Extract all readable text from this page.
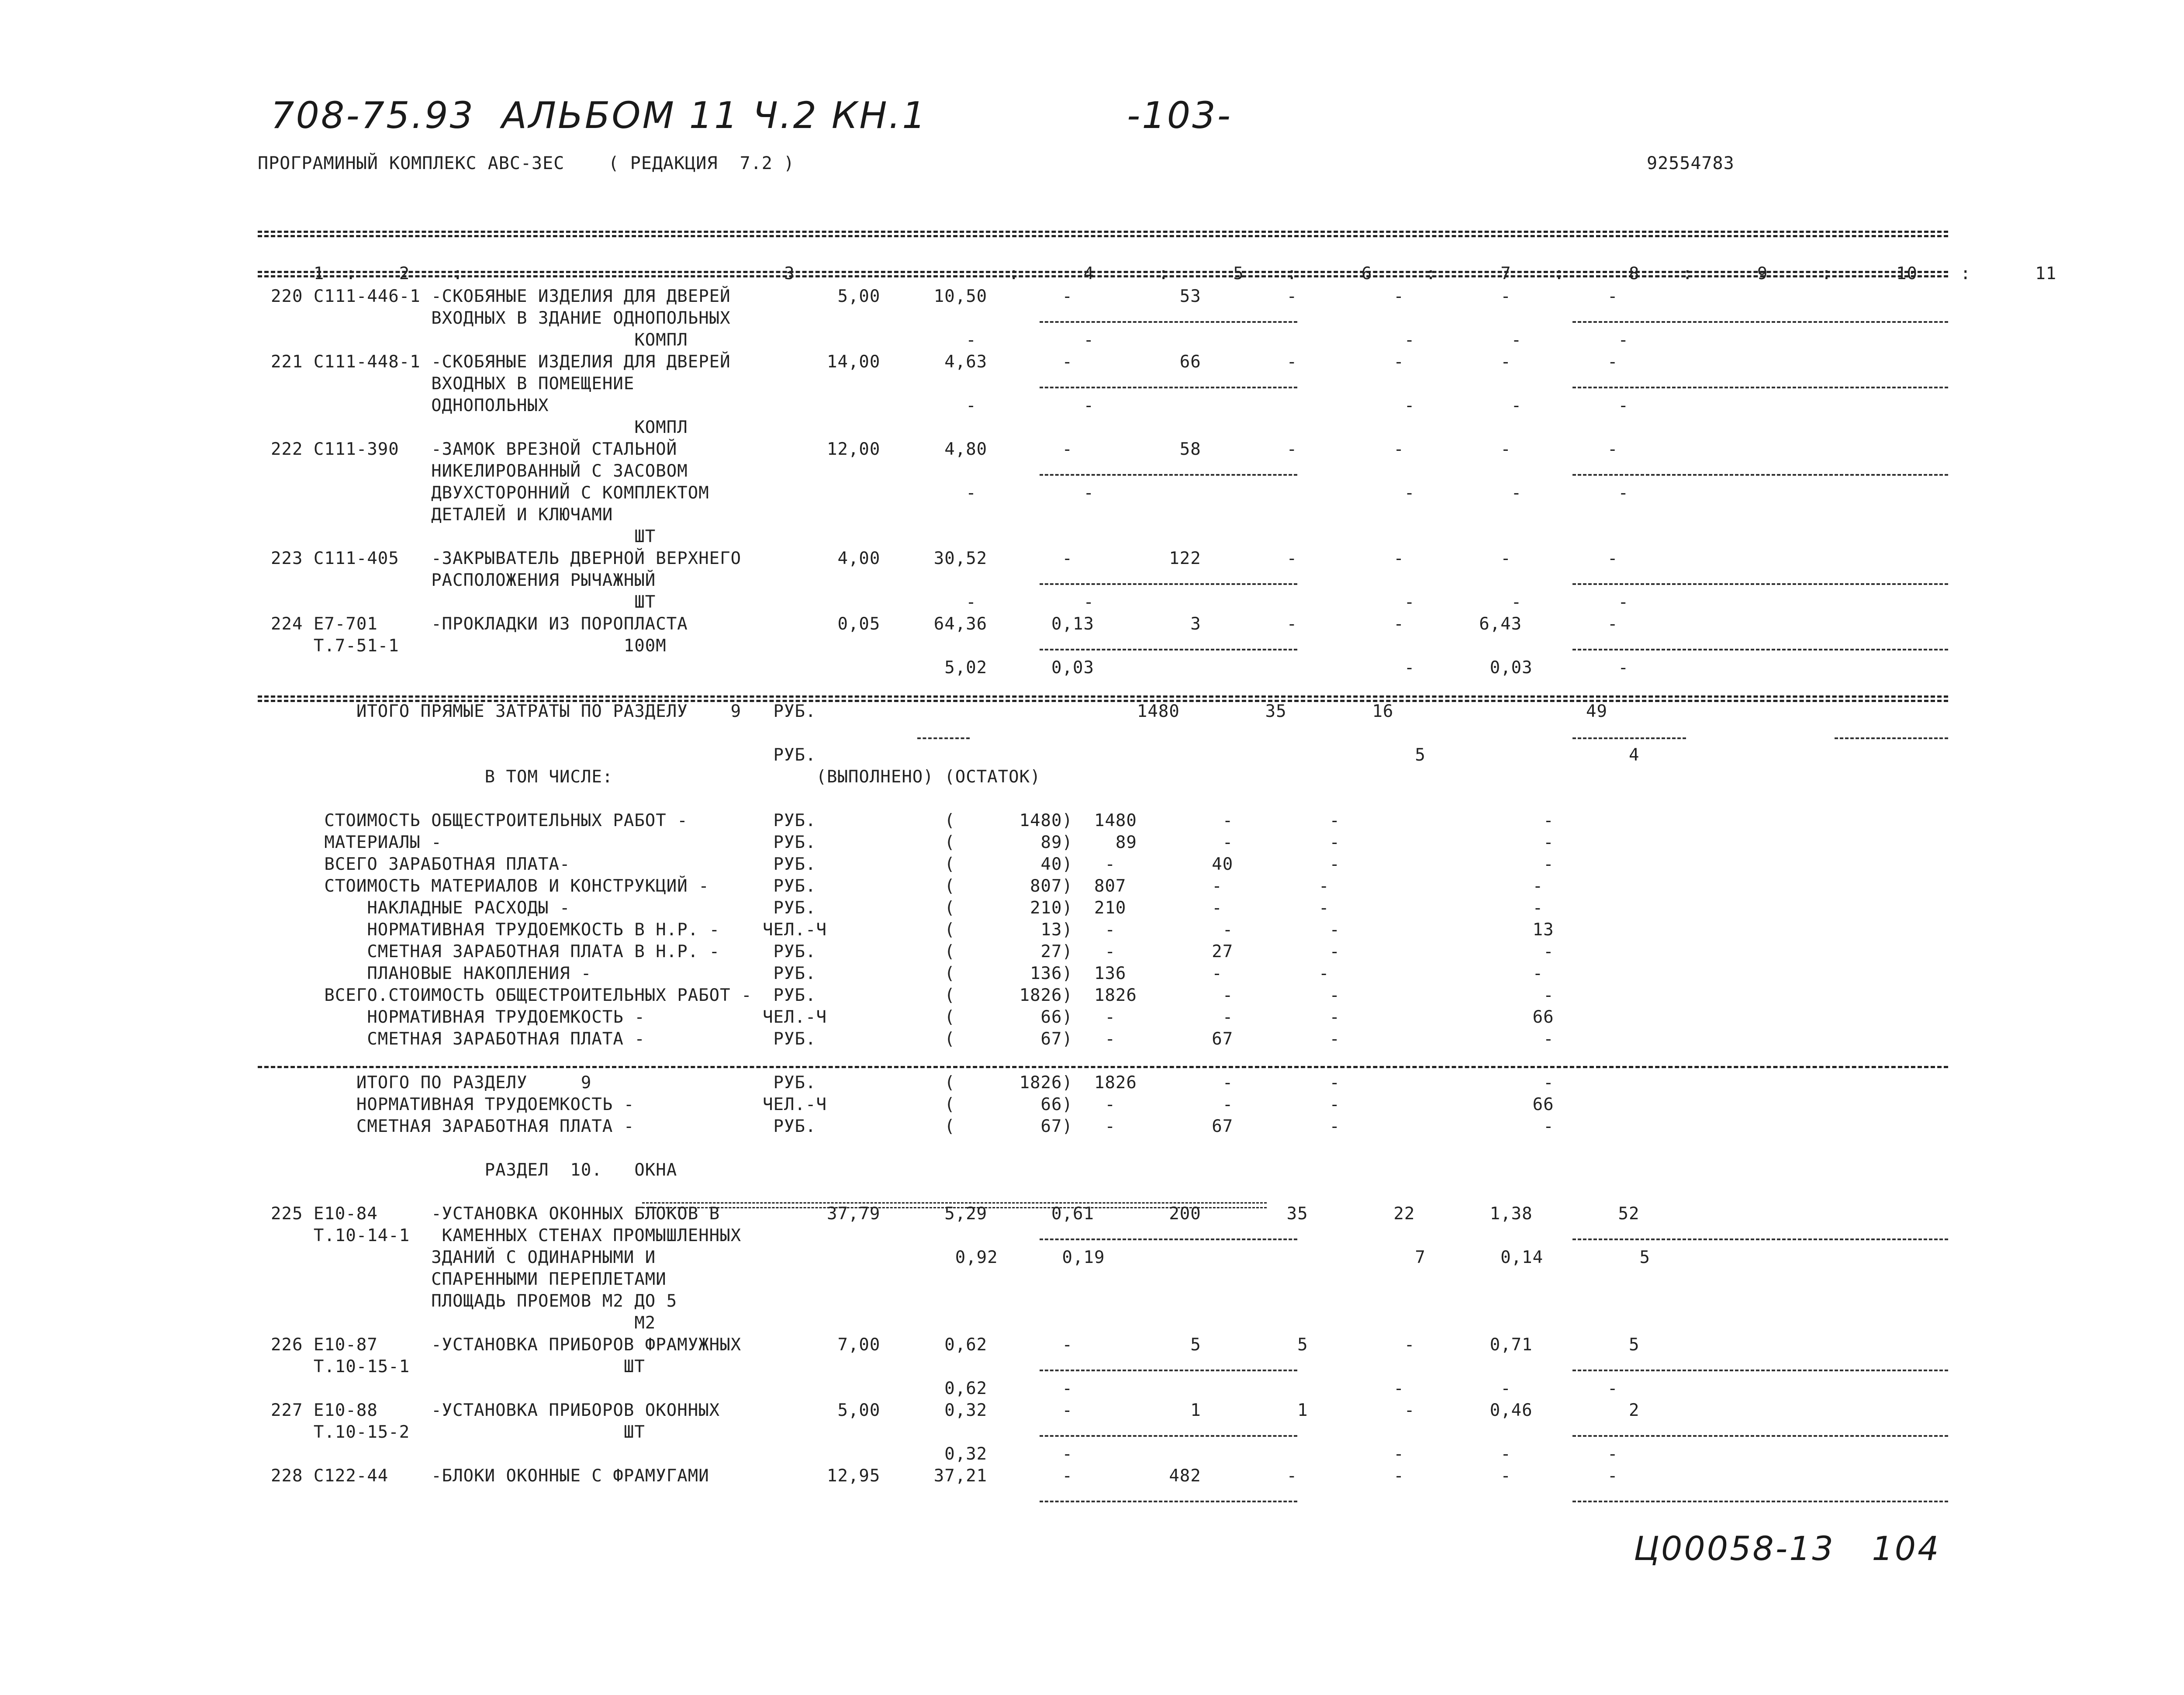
708-75.93  АЛЬБОМ 11 Ч.2 КН.1	-103-
ПРОГРАМИНЫЙ КОМПЛЕКС АВС-3ЕС    ( РЕДАКЦИЯ  7.2 )	92554783

1  :    2    :                              3                    :      4      :      5    :      6     :      7    :      8    :      9     :      10    :      11

220 С111-446-1 -СКОБЯНЫЕ ИЗДЕЛИЯ ДЛЯ ДВЕРЕЙ          5,00     10,50       -          53        -         -         -         -
ВХОДНЫХ В ЗДАНИЕ ОДНОПОЛЬНЫХ
КОМПЛ                          -          -                             -         -         -
221 С111-448-1 -СКОБЯНЫЕ ИЗДЕЛИЯ ДЛЯ ДВЕРЕЙ         14,00      4,63       -          66        -         -         -         -
ВХОДНЫХ В ПОМЕЩЕНИЕ
ОДНОПОЛЬНЫХ                                       -          -                             -         -         -
КОМПЛ
222 С111-390   -ЗАМОК ВРЕЗНОЙ СТАЛЬНОЙ              12,00      4,80       -          58        -         -         -         -
НИКЕЛИРОВАННЫЙ С ЗАСОВОМ
ДВУХСТОРОННИЙ С КОМПЛЕКТОМ                        -          -                             -         -         -
ДЕТАЛЕЙ И КЛЮЧАМИ
ШТ
223 С111-405   -ЗАКРЫВАТЕЛЬ ДВЕРНОЙ ВЕРХНЕГО         4,00     30,52       -         122        -         -         -         -
РАСПОЛОЖЕНИЯ РЫЧАЖНЫЙ
ШТ                             -          -                             -         -         -
224 Е7-701     -ПРОКЛАДКИ ИЗ ПОРОПЛАСТА              0,05     64,36      0,13         3        -         -       6,43        -
Т.7-51-1                     100М
5,02      0,03                             -       0,03        -
ИТОГО ПРЯМЫЕ ЗАТРАТЫ ПО РАЗДЕЛУ    9   РУБ.                              1480        35        16                  49
РУБ.                                                        5                   4
В ТОМ ЧИСЛЕ:                   (ВЫПОЛНЕНО) (ОСТАТОК)
СТОИМОСТЬ ОБЩЕСТРОИТЕЛЬНЫХ РАБОТ -        РУБ.            (      1480)  1480        -         -                   -
МАТЕРИАЛЫ -                               РУБ.            (        89)    89        -         -                   -
ВСЕГО ЗАРАБОТНАЯ ПЛАТА-                   РУБ.            (        40)   -         40         -                   -
СТОИМОСТЬ МАТЕРИАЛОВ И КОНСТРУКЦИЙ -      РУБ.            (       807)  807        -         -                   -
НАКЛАДНЫЕ РАСХОДЫ -                   РУБ.            (       210)  210        -         -                   -
НОРМАТИВНАЯ ТРУДОЕМКОСТЬ В Н.Р. -    ЧЕЛ.-Ч           (        13)   -          -         -                  13
СМЕТНАЯ ЗАРАБОТНАЯ ПЛАТА В Н.Р. -     РУБ.            (        27)   -         27         -                   -
ПЛАНОВЫЕ НАКОПЛЕНИЯ -                 РУБ.            (       136)  136        -         -                   -
ВСЕГО.СТОИМОСТЬ ОБЩЕСТРОИТЕЛЬНЫХ РАБОТ -  РУБ.            (      1826)  1826        -         -                   -
НОРМАТИВНАЯ ТРУДОЕМКОСТЬ -           ЧЕЛ.-Ч           (        66)   -          -         -                  66
СМЕТНАЯ ЗАРАБОТНАЯ ПЛАТА -            РУБ.            (        67)   -         67         -                   -
ИТОГО ПО РАЗДЕЛУ     9                 РУБ.            (      1826)  1826        -         -                   -
НОРМАТИВНАЯ ТРУДОЕМКОСТЬ -            ЧЕЛ.-Ч           (        66)   -          -         -                  66
СМЕТНАЯ ЗАРАБОТНАЯ ПЛАТА -             РУБ.            (        67)   -         67         -                   -
РАЗДЕЛ  10.   ОКНА
225 Е10-84     -УСТАНОВКА ОКОННЫХ БЛОКОВ В          37,79      5,29      0,61       200        35        22       1,38        52
Т.10-14-1   КАМЕННЫХ СТЕНАХ ПРОМЫШЛЕННЫХ
ЗДАНИЙ С ОДИНАРНЫМИ И                            0,92      0,19                             7       0,14         5
СПАРЕННЫМИ ПЕРЕПЛЕТАМИ
ПЛОЩАДЬ ПРОЕМОВ М2 ДО 5
М2
226 Е10-87     -УСТАНОВКА ПРИБОРОВ ФРАМУЖНЫХ         7,00      0,62       -           5         5         -       0,71         5
Т.10-15-1                    ШТ
0,62       -                              -         -         -
227 Е10-88     -УСТАНОВКА ПРИБОРОВ ОКОННЫХ           5,00      0,32       -           1         1         -       0,46         2
Т.10-15-2                    ШТ
0,32       -                              -         -         -
228 С122-44    -БЛОКИ ОКОННЫЕ С ФРАМУГАМИ           12,95     37,21       -         482        -         -         -         -
Ц00058-13   104
